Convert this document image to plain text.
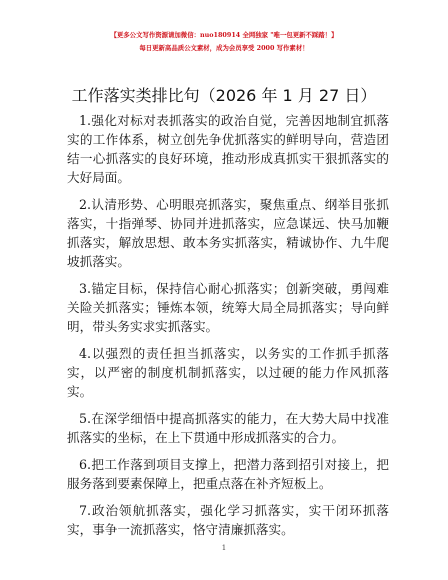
【更多公文写作资源请加微信：nuo180914 全网独家 "唯一包更新不踩踏！】
每日更新高品质公文素材，成为会员享受 2000 写作素材！
工作落实类排比句（2026 年 1 月 27 日）

1.强化对标对表抓落实的政治自觉，完善因地制宜抓落实的工作体系，树立创先争优抓落实的鲜明导向，营造团结一心抓落实的良好环境，推动形成真抓实干狠抓落实的大好局面。

2.认清形势、心明眼亮抓落实，聚焦重点、纲举目张抓落实，十指弹琴、协同并进抓落实，应急谋远、快马加鞭抓落实，解放思想、敢本务实抓落实，精诚协作、九牛爬坡抓落实。

3.锚定目标，保持信心耐心抓落实；创新突破，勇闯难关险关抓落实；锤炼本领，统筹大局全局抓落实；导向鲜明，带头务实求实抓落实。

4.以强烈的责任担当抓落实，以务实的工作抓手抓落实，以严密的制度机制抓落实，以过硬的能力作风抓落实。

5.在深学细悟中提高抓落实的能力，在大势大局中找准抓落实的坐标，在上下贯通中形成抓落实的合力。

6.把工作落到项目支撑上，把潜力落到招引对接上，把服务落到要素保障上，把重点落在补齐短板上。

7.政治领航抓落实，强化学习抓落实，实干闭环抓落实，事争一流抓落实，恪守清廉抓落实。

1
